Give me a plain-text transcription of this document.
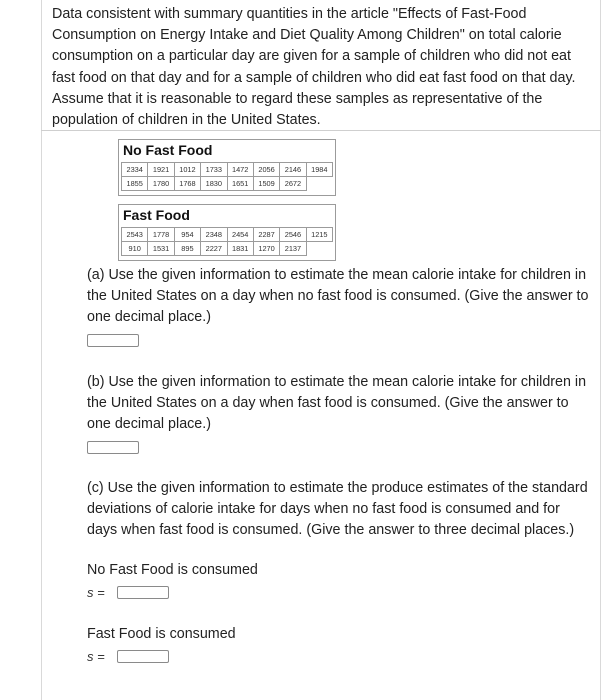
Data consistent with summary quantities in the article "Effects of Fast-Food Consumption on Energy Intake and Diet Quality Among Children" on total calorie consumption on a particular day are given for a sample of children who did not eat fast food on that day and for a sample of children who did eat fast food on that day. Assume that it is reasonable to regard these samples as representative of the population of children in the United States.

No Fast Food
2334	1921	1012	1733	1472	2056	2146	1984
1855	1780	1768	1830	1651	1509	2672
Fast Food
2543	1778	954	2348	2454	2287	2546	1215
910	1531	895	2227	1831	1270	2137

(a) Use the given information to estimate the mean calorie intake for children in the United States on a day when no fast food is consumed. (Give the answer to one decimal place.)

(b) Use the given information to estimate the mean calorie intake for children in the United States on a day when fast food is consumed. (Give the answer to one decimal place.)

(c) Use the given information to estimate the produce estimates of the standard deviations of calorie intake for days when no fast food is consumed and for days when fast food is consumed. (Give the answer to three decimal places.)

No Fast Food is consumed

s =

Fast Food is consumed

s =
